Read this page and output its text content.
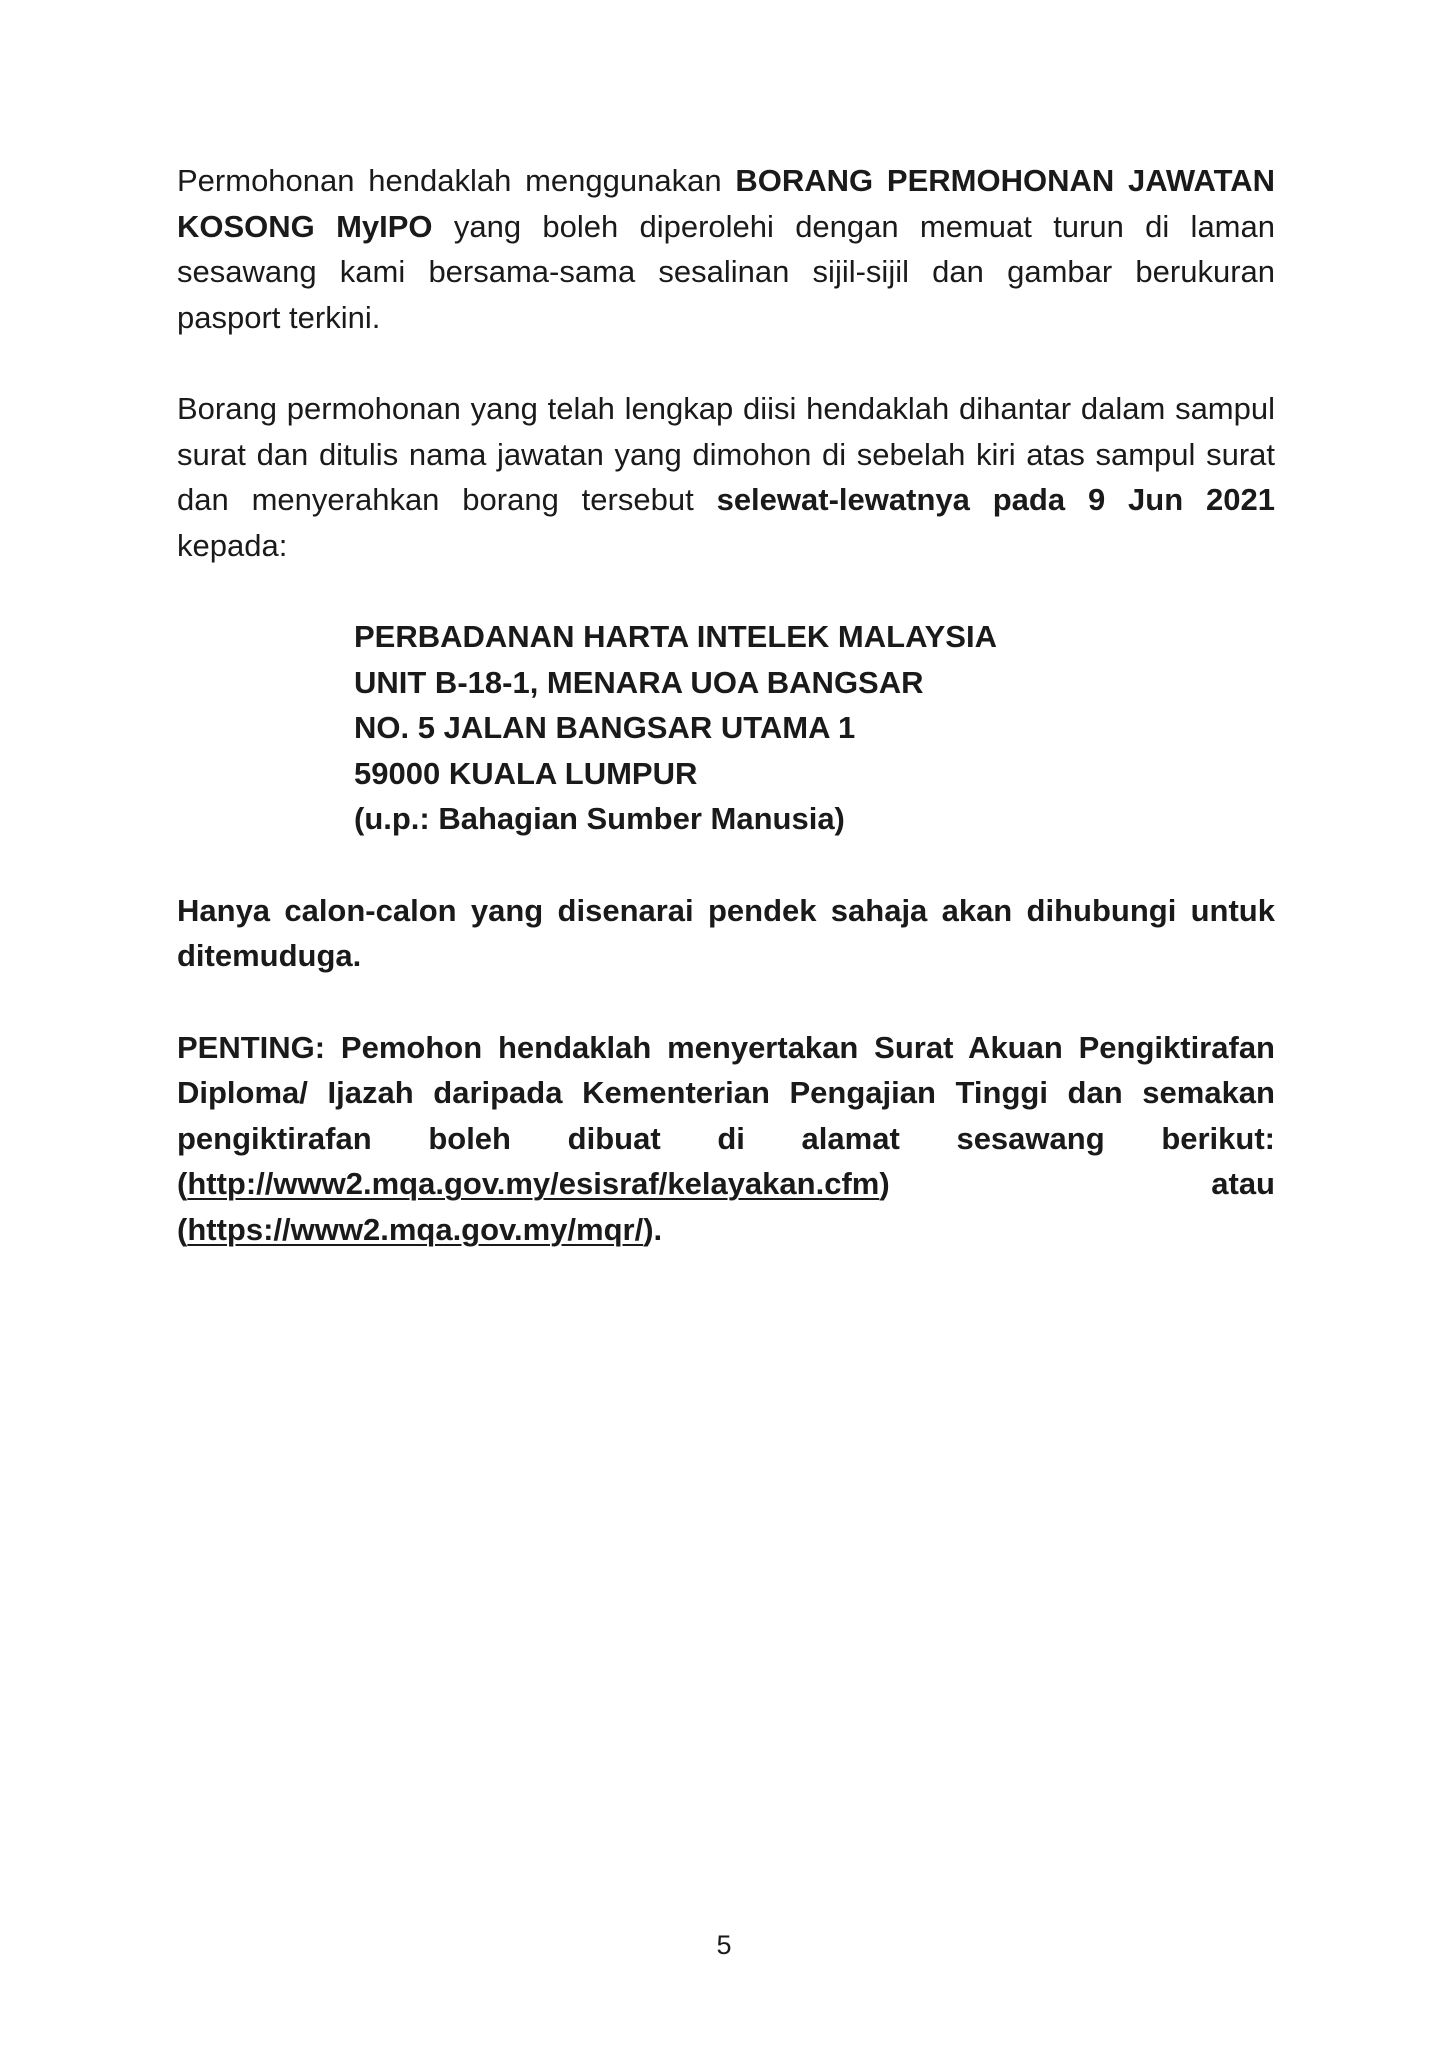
Permohonan hendaklah menggunakan BORANG PERMOHONAN JAWATAN KOSONG MyIPO yang boleh diperolehi dengan memuat turun di laman sesawang kami bersama-sama sesalinan sijil-sijil dan gambar berukuran pasport terkini.

Borang permohonan yang telah lengkap diisi hendaklah dihantar dalam sampul surat dan ditulis nama jawatan yang dimohon di sebelah kiri atas sampul surat dan menyerahkan borang tersebut selewat-lewatnya pada 9 Jun 2021 kepada:

PERBADANAN HARTA INTELEK MALAYSIA
UNIT B-18-1, MENARA UOA BANGSAR
NO. 5 JALAN BANGSAR UTAMA 1
59000 KUALA LUMPUR
(u.p.: Bahagian Sumber Manusia)

Hanya calon-calon yang disenarai pendek sahaja akan dihubungi untuk ditemuduga.

PENTING: Pemohon hendaklah menyertakan Surat Akuan Pengiktirafan Diploma/ Ijazah daripada Kementerian Pengajian Tinggi dan semakan pengiktirafan boleh dibuat di alamat sesawang berikut: (http://www2.mqa.gov.my/esisraf/kelayakan.cfm) atau (https://www2.mqa.gov.my/mqr/).

5
